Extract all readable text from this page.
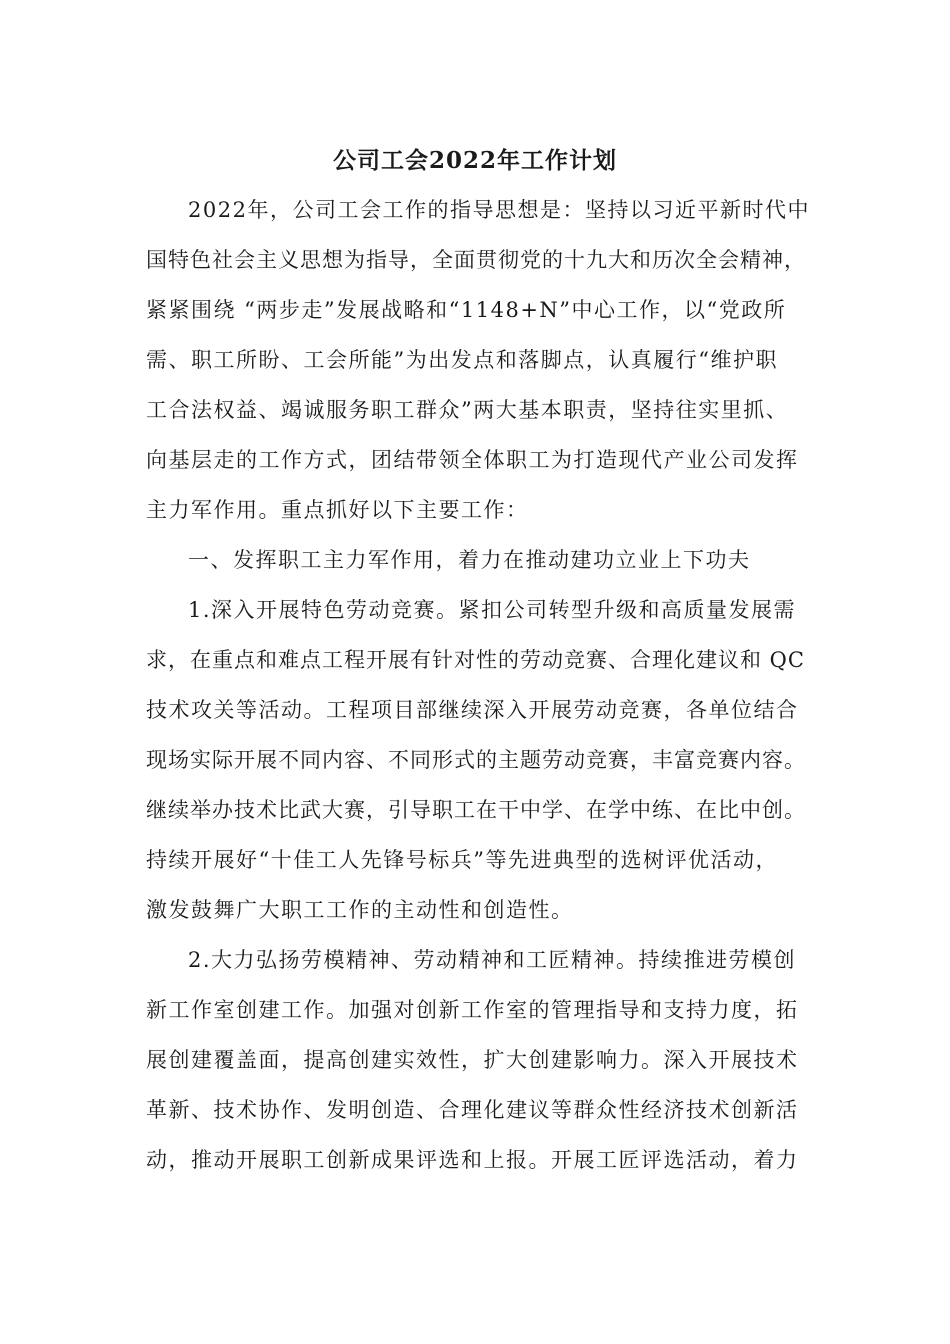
公司工会2022年工作计划
2022年，公司工会工作的指导思想是：坚持以习近平新时代中
国特色社会主义思想为指导，全面贯彻党的十九大和历次全会精神，
紧紧围绕 “两步走”发展战略和“1148+N”中心工作，以“党政所
需、职工所盼、工会所能”为出发点和落脚点，认真履行“维护职
工合法权益、竭诚服务职工群众”两大基本职责，坚持往实里抓、
向基层走的工作方式，团结带领全体职工为打造现代产业公司发挥
主力军作用。重点抓好以下主要工作：
一、发挥职工主力军作用，着力在推动建功立业上下功夫
1.深入开展特色劳动竞赛。紧扣公司转型升级和高质量发展需
求，在重点和难点工程开展有针对性的劳动竞赛、合理化建议和 QC
技术攻关等活动。工程项目部继续深入开展劳动竞赛，各单位结合
现场实际开展不同内容、不同形式的主题劳动竞赛，丰富竞赛内容。
继续举办技术比武大赛，引导职工在干中学、在学中练、在比中创。
持续开展好“十佳工人先锋号标兵”等先进典型的选树评优活动，
激发鼓舞广大职工工作的主动性和创造性。
2.大力弘扬劳模精神、劳动精神和工匠精神。持续推进劳模创
新工作室创建工作。加强对创新工作室的管理指导和支持力度，拓
展创建覆盖面，提高创建实效性，扩大创建影响力。深入开展技术
革新、技术协作、发明创造、合理化建议等群众性经济技术创新活
动，推动开展职工创新成果评选和上报。开展工匠评选活动，着力
